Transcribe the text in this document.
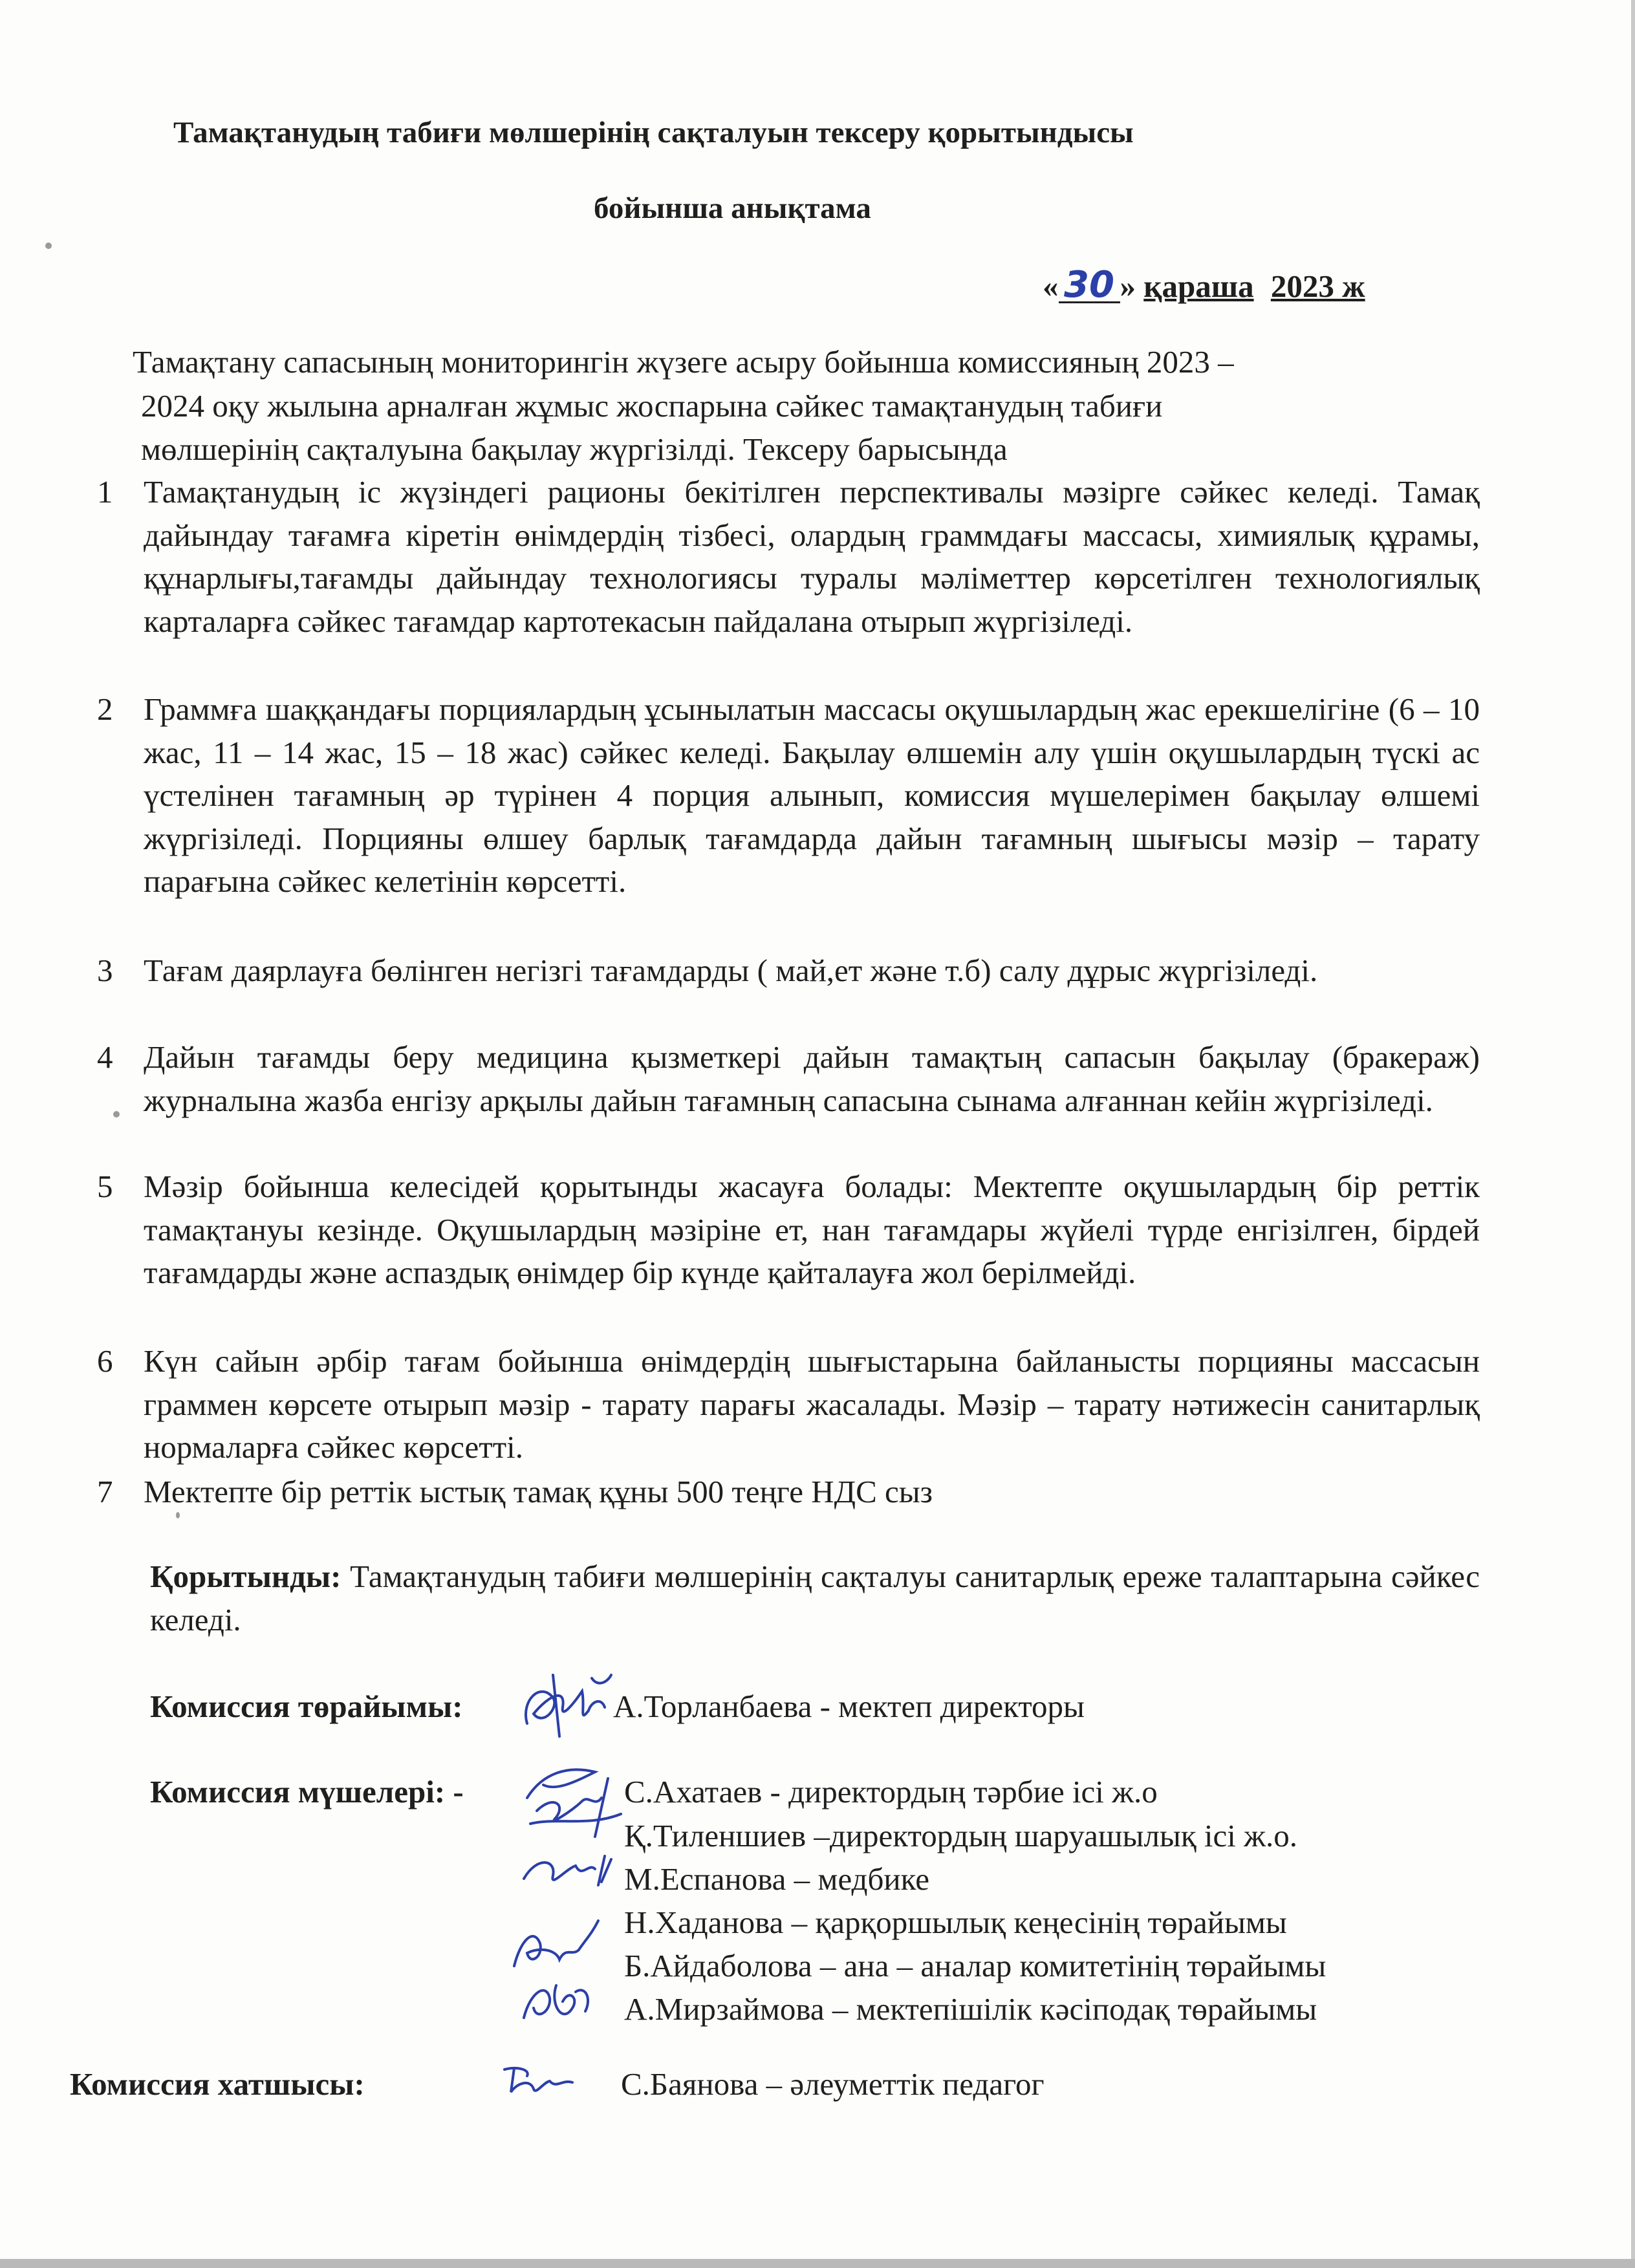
Тамақтанудың табиғи мөлшерінің сақталуын тексеру қорытындысы
бойынша анықтама
« 30 » қараша 2023 ж
Тамақтану сапасының мониторингін жүзеге асыру бойынша комиссияның 2023 –
2024 оқу жылына арналған жұмыс жоспарына сәйкес тамақтанудың табиғи
мөлшерінің сақталуына бақылау жүргізілді. Тексеру барысында
1 Тамақтанудың іс жүзіндегі рационы бекітілген перспективалы мәзірге сәйкес келеді. Тамақ дайындау тағамға кіретін өнімдердің тізбесі, олардың граммдағы массасы, химиялық құрамы, құнарлығы,тағамды дайындау технологиясы туралы мәліметтер көрсетілген технологиялық карталарға сәйкес тағамдар картотекасын пайдалана отырып жүргізіледі.
2 Граммға шаққандағы порциялардың ұсынылатын массасы оқушылардың жас ерекшелігіне (6 – 10 жас, 11 – 14 жас, 15 – 18 жас) сәйкес келеді. Бақылау өлшемін алу үшін оқушылардың түскі ас үстелінен тағамның әр түрінен 4 порция алынып, комиссия мүшелерімен бақылау өлшемі жүргізіледі. Порцияны өлшеу барлық тағамдарда дайын тағамның шығысы мәзір – тарату парағына сәйкес келетінін көрсетті.
3 Тағам даярлауға бөлінген негізгі тағамдарды ( май,ет және т.б) салу дұрыс жүргізіледі.
4 Дайын тағамды беру медицина қызметкері дайын тамақтың сапасын бақылау (бракераж) журналына жазба енгізу арқылы дайын тағамның сапасына сынама алғаннан кейін жүргізіледі.
5 Мәзір бойынша келесідей қорытынды жасауға болады: Мектепте оқушылардың бір реттік тамақтануы кезінде. Оқушылардың мәзіріне ет, нан тағамдары жүйелі түрде енгізілген, бірдей тағамдарды және аспаздық өнімдер бір күнде қайталауға жол берілмейді.
6 Күн сайын әрбір тағам бойынша өнімдердің шығыстарына байланысты порцияны массасын граммен көрсете отырып мәзір - тарату парағы жасалады. Мәзір – тарату нәтижесін санитарлық нормаларға сәйкес көрсетті.
7 Мектепте бір реттік ыстық тамақ құны 500 теңге НДС сыз
Қорытынды: Тамақтанудың табиғи мөлшерінің сақталуы санитарлық ереже талаптарына сәйкес келеді.
Комиссия төрайымы:	А.Торланбаева - мектеп директоры
Комиссия мүшелері: -	С.Ахатаев - директордың тәрбие ісі ж.о
Қ.Тиленшиев –директордың шаруашылық ісі ж.о.
М.Еспанова – медбике
Н.Хаданова – қарқоршылық кеңесінің төрайымы
Б.Айдаболова – ана – аналар комитетінің төрайымы
А.Мирзаймова – мектепішілік кәсіподақ төрайымы
Комиссия хатшысы:	С.Баянова – әлеуметтік педагог
